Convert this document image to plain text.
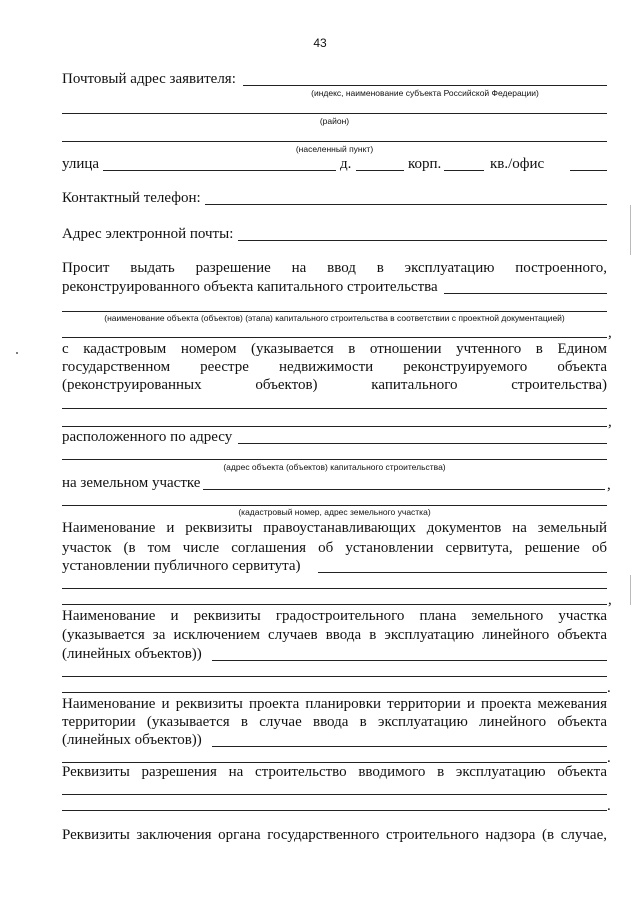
43
Почтовый адрес заявителя:
(индекс, наименование субъекта Российской Федерации)
(район)
(населенный пункт)
улица	д.	корп.	кв./офис
Контактный телефон:
Адрес электронной почты:
Просит выдать разрешение на ввод в эксплуатацию построенного,
реконструированного объекта капитального строительства
(наименование объекта (объектов) (этапа) капитального строительства в соответствии с проектной документацией)
,
с кадастровым номером (указывается в отношении учтенного в Едином
государственном реестре недвижимости реконструируемого объекта
(реконструированных объектов) капитального строительства)
,
расположенного по адресу
(адрес объекта (объектов) капитального строительства)
на земельном участке	,
(кадастровый номер, адрес земельного участка)
Наименование и реквизиты правоустанавливающих документов на земельный
участок (в том числе соглашения об установлении сервитута, решение об
установлении публичного сервитута)
,
Наименование и реквизиты градостроительного плана земельного участка
(указывается за исключением случаев ввода в эксплуатацию линейного объекта
(линейных объектов))
.
Наименование и реквизиты проекта планировки территории и проекта межевания
территории (указывается в случае ввода в эксплуатацию линейного объекта
(линейных объектов))
.
Реквизиты разрешения на строительство вводимого в эксплуатацию объекта
.
Реквизиты заключения органа государственного строительного надзора (в случае,
